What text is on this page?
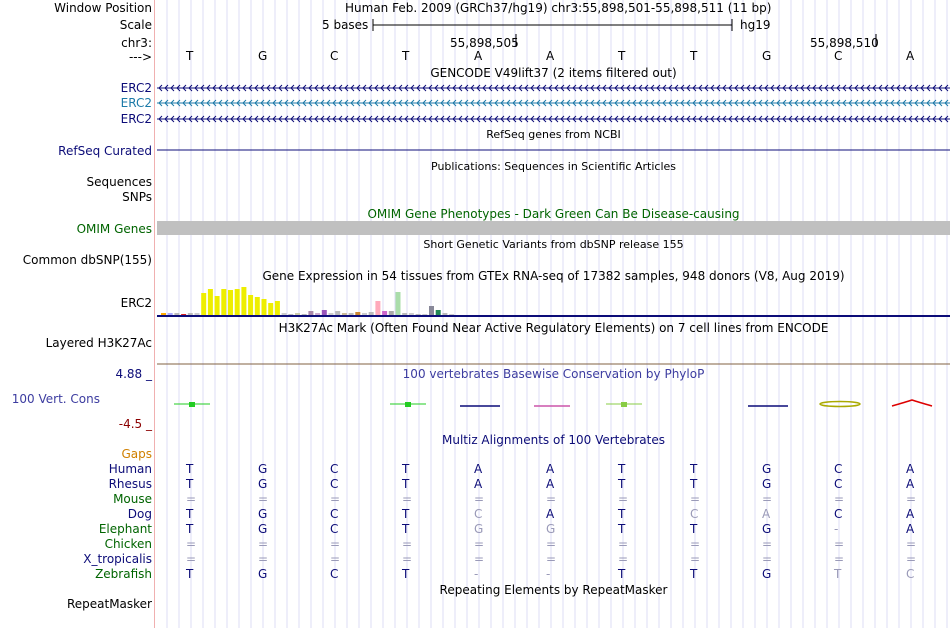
Window Position	Human Feb. 2009 (GRCh37/hg19) chr3:55,898,501-55,898,511 (11 bp)
Scale	5 bases	hg19
chr3:	55,898,505	55,898,510
--->	T	G	C	T	A	A	T	T	G	C	A
GENCODE V49lift37 (2 items filtered out)
ERC2
ERC2
ERC2
RefSeq genes from NCBI
RefSeq Curated
Publications: Sequences in Scientific Articles
Sequences
SNPs
OMIM Gene Phenotypes - Dark Green Can Be Disease-causing
OMIM Genes
Short Genetic Variants from dbSNP release 155
Common dbSNP(155)
Gene Expression in 54 tissues from GTEx RNA-seq of 17382 samples, 948 donors (V8, Aug 2019)
ERC2
H3K27Ac Mark (Often Found Near Active Regulatory Elements) on 7 cell lines from ENCODE
Layered H3K27Ac
100 vertebrates Basewise Conservation by PhyloP
4.88 _
100 Vert. Cons
-4.5 _
Multiz Alignments of 100 Vertebrates
Gaps
Human	T	G	C	T	A	A	T	T	G	C	A
Rhesus	T	G	C	T	A	A	T	T	G	C	A
Mouse	=	=	=	=	=	=	=	=	=	=	=
Dog	T	G	C	T	C	A	T	C	A	C	A
Elephant	T	G	C	T	G	G	T	T	G	-	A
Chicken	=	=	=	=	=	=	=	=	=	=	=
X_tropicalis	=	=	=	=	=	=	=	=	=	=	=
Zebrafish	T	G	C	T	-	-	T	T	G	T	C
Repeating Elements by RepeatMasker
RepeatMasker
